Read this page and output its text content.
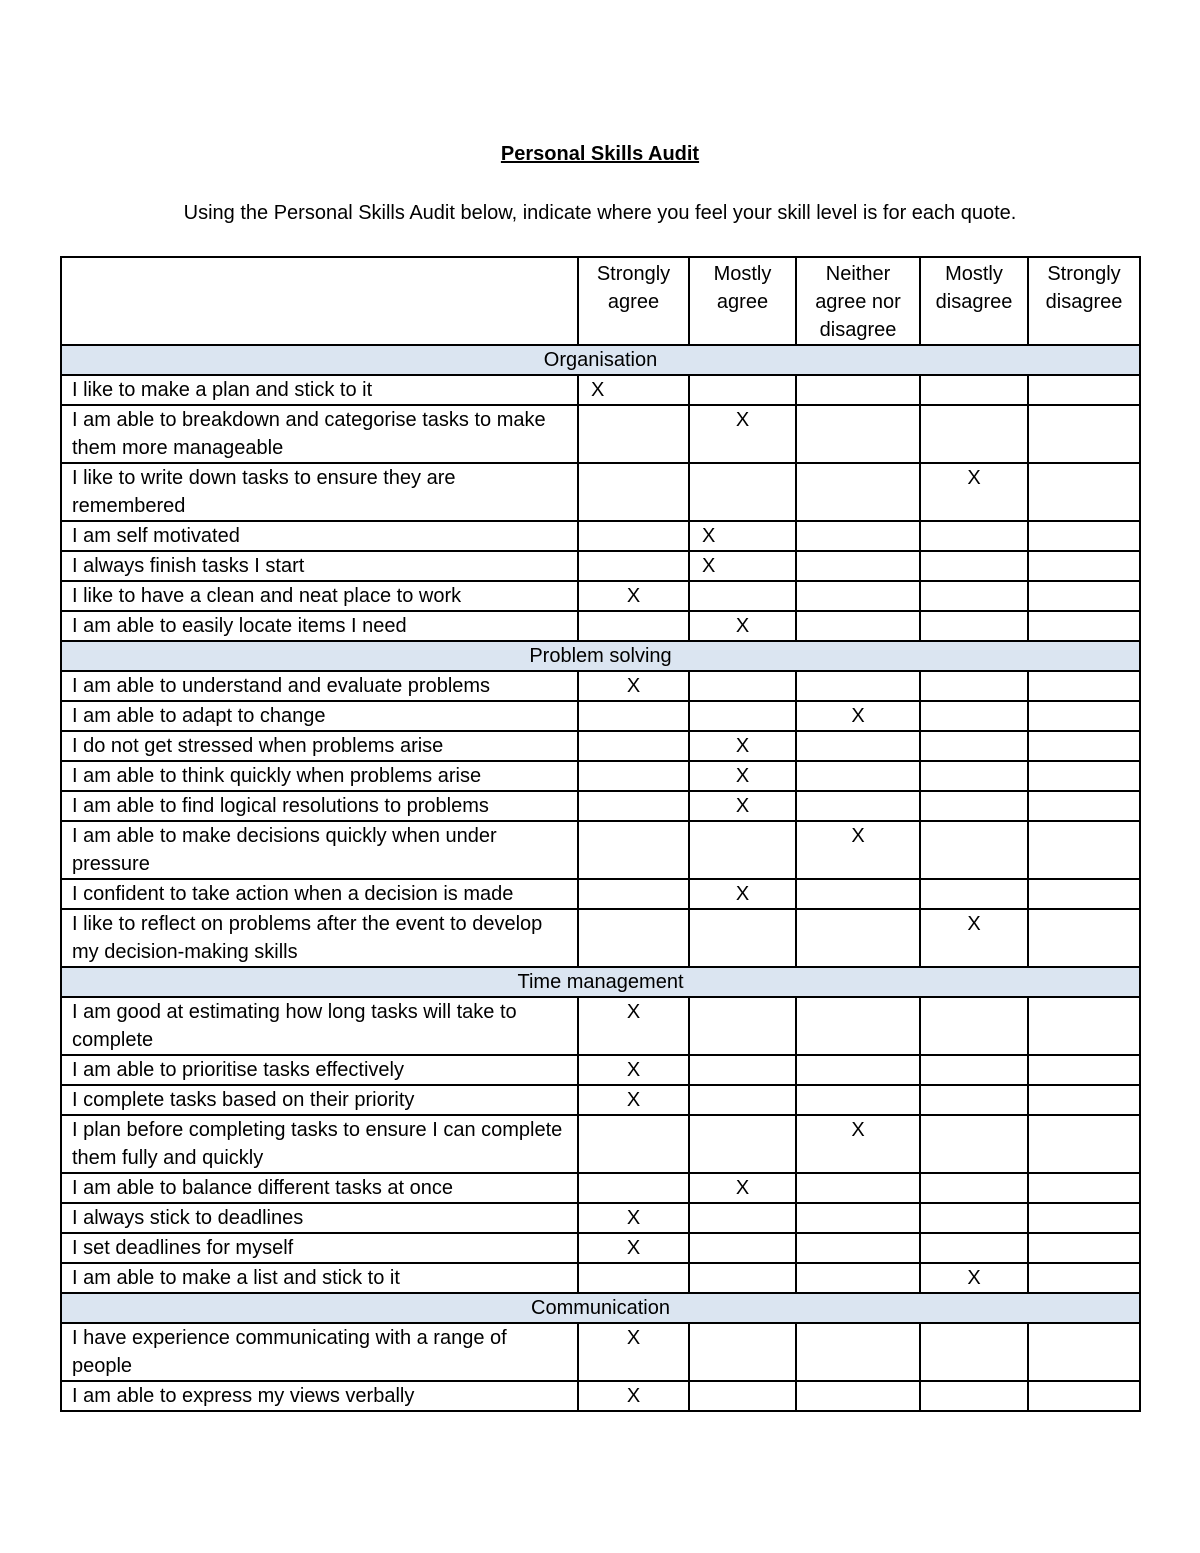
Personal Skills Audit
Using the Personal Skills Audit below, indicate where you feel your skill level is for each quote.
	Strongly agree	Mostly agree	Neither agree nor disagree	Mostly disagree	Strongly disagree
Organisation					
I like to make a plan and stick to it	X				
I am able to breakdown and categorise tasks to make them more manageable		X			
I like to write down tasks to ensure they are remembered				X	
I am self motivated		X			
I always finish tasks I start		X			
I like to have a clean and neat place to work	X				
I am able to easily locate items I need		X			
Problem solving					
I am able to understand and evaluate problems	X				
I am able to adapt to change			X		
I do not get stressed when problems arise		X			
I am able to think quickly when problems arise		X			
I am able to find logical resolutions to problems		X			
I am able to make decisions quickly when under pressure			X		
I confident to take action when a decision is made		X			
I like to reflect on problems after the event to develop my decision-making skills				X	
Time management					
I am good at estimating how long tasks will take to complete	X				
I am able to prioritise tasks effectively	X				
I complete tasks based on their priority	X				
I plan before completing tasks to ensure I can complete them fully and quickly			X		
I am able to balance different tasks at once		X			
I always stick to deadlines	X				
I set deadlines for myself	X				
I am able to make a list and stick to it				X	
Communication					
I have experience communicating with a range of people	X				
I am able to express my views verbally	X				
